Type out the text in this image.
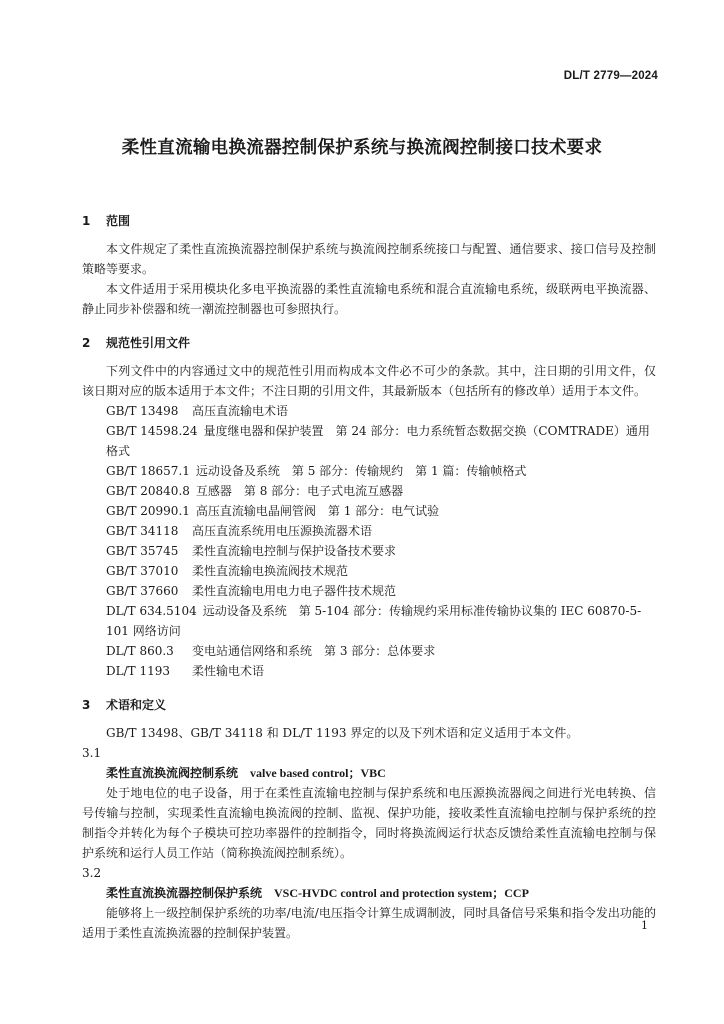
DL/T 2779—2024
柔性直流输电换流器控制保护系统与换流阀控制接口技术要求
1 范围

本文件规定了柔性直流换流器控制保护系统与换流阀控制系统接口与配置、通信要求、接口信号及控制策略等要求。

本文件适用于采用模块化多电平换流器的柔性直流输电系统和混合直流输电系统，级联两电平换流器、静止同步补偿器和统一潮流控制器也可参照执行。

2 规范性引用文件

下列文件中的内容通过文中的规范性引用而构成本文件必不可少的条款。其中，注日期的引用文件，仅该日期对应的版本适用于本文件；不注日期的引用文件，其最新版本（包括所有的修改单）适用于本文件。

GB/T 13498 高压直流输电术语

GB/T 14598.24 量度继电器和保护装置　第 24 部分：电力系统暂态数据交换（COMTRADE）通用格式

GB/T 18657.1 远动设备及系统　第 5 部分：传输规约　第 1 篇：传输帧格式

GB/T 20840.8 互感器　第 8 部分：电子式电流互感器

GB/T 20990.1 高压直流输电晶闸管阀　第 1 部分：电气试验

GB/T 34118 高压直流系统用电压源换流器术语

GB/T 35745 柔性直流输电控制与保护设备技术要求

GB/T 37010 柔性直流输电换流阀技术规范

GB/T 37660 柔性直流输电用电力电子器件技术规范

DL/T 634.5104 远动设备及系统　第 5-104 部分：传输规约采用标准传输协议集的 IEC 60870-5-101 网络访问

DL/T 860.3 变电站通信网络和系统　第 3 部分：总体要求

DL/T 1193 柔性输电术语

3 术语和定义

GB/T 13498、GB/T 34118 和 DL/T 1193 界定的以及下列术语和定义适用于本文件。

3.1

柔性直流换流阀控制系统 valve based control；VBC

处于地电位的电子设备，用于在柔性直流输电控制与保护系统和电压源换流器阀之间进行光电转换、信号传输与控制，实现柔性直流输电换流阀的控制、监视、保护功能，接收柔性直流输电控制与保护系统的控制指令并转化为每个子模块可控功率器件的控制指令，同时将换流阀运行状态反馈给柔性直流输电控制与保护系统和运行人员工作站（简称换流阀控制系统）。

3.2

柔性直流换流器控制保护系统 VSC-HVDC control and protection system；CCP

能够将上一级控制保护系统的功率/电流/电压指令计算生成调制波，同时具备信号采集和指令发出功能的适用于柔性直流换流器的控制保护装置。

1
